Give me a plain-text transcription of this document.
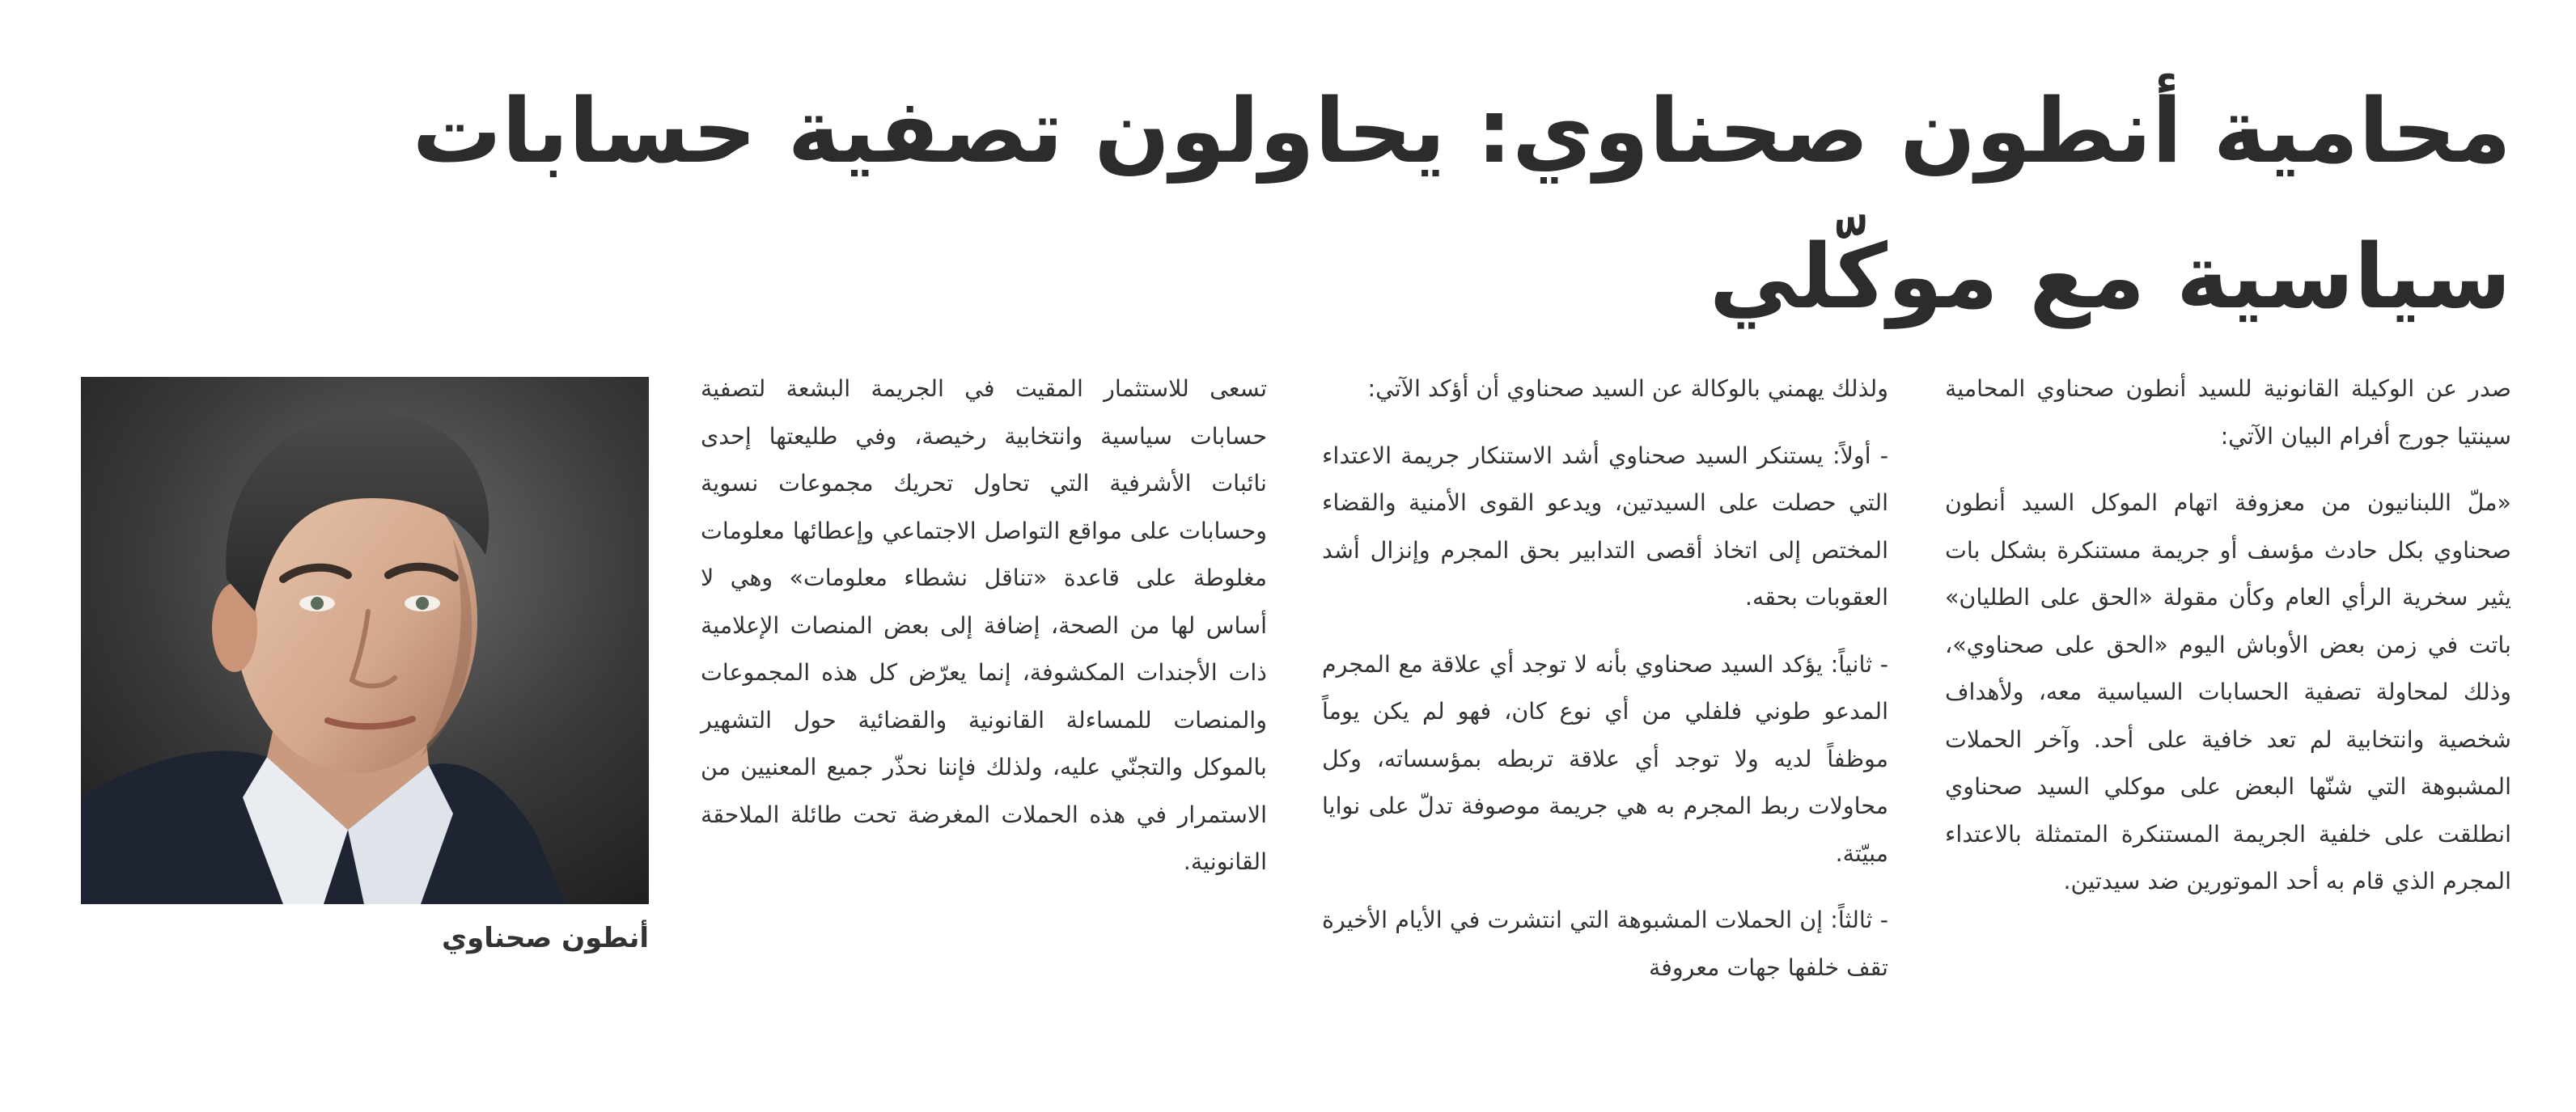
محامية أنطون صحناوي: يحاولون تصفية حسابات سياسية مع موكّلي

صدر عن الوكيلة القانونية للسيد أنطون صحناوي المحامية سينتيا جورج أفرام البيان الآتي:

«ملّ اللبنانيون من معزوفة اتهام الموكل السيد أنطون صحناوي بكل حادث مؤسف أو جريمة مستنكرة بشكل بات يثير سخرية الرأي العام وكأن مقولة «الحق على الطليان» باتت في زمن بعض الأوباش اليوم «الحق على صحناوي»، وذلك لمحاولة تصفية الحسابات السياسية معه، ولأهداف شخصية وانتخابية لم تعد خافية على أحد. وآخر الحملات المشبوهة التي شنّها البعض على موكلي السيد صحناوي انطلقت على خلفية الجريمة المستنكرة المتمثلة بالاعتداء المجرم الذي قام به أحد الموتورين ضد سيدتين.

ولذلك يهمني بالوكالة عن السيد صحناوي أن أؤكد الآتي:

- أولاً: يستنكر السيد صحناوي أشد الاستنكار جريمة الاعتداء التي حصلت على السيدتين، ويدعو القوى الأمنية والقضاء المختص إلى اتخاذ أقصى التدابير بحق المجرم وإنزال أشد العقوبات بحقه.

- ثانياً: يؤكد السيد صحناوي بأنه لا توجد أي علاقة مع المجرم المدعو طوني فلفلي من أي نوع كان، فهو لم يكن يوماً موظفاً لديه ولا توجد أي علاقة تربطه بمؤسساته، وكل محاولات ربط المجرم به هي جريمة موصوفة تدلّ على نوايا مبيّتة.

- ثالثاً: إن الحملات المشبوهة التي انتشرت في الأيام الأخيرة تقف خلفها جهات معروفة

تسعى للاستثمار المقيت في الجريمة البشعة لتصفية حسابات سياسية وانتخابية رخيصة، وفي طليعتها إحدى نائبات الأشرفية التي تحاول تحريك مجموعات نسوية وحسابات على مواقع التواصل الاجتماعي وإعطائها معلومات مغلوطة على قاعدة «تناقل نشطاء معلومات» وهي لا أساس لها من الصحة، إضافة إلى بعض المنصات الإعلامية ذات الأجندات المكشوفة، إنما يعرّض كل هذه المجموعات والمنصات للمساءلة القانونية والقضائية حول التشهير بالموكل والتجنّي عليه، ولذلك فإننا نحذّر جميع المعنيين من الاستمرار في هذه الحملات المغرضة تحت طائلة الملاحقة القانونية.

أنطون صحناوي
